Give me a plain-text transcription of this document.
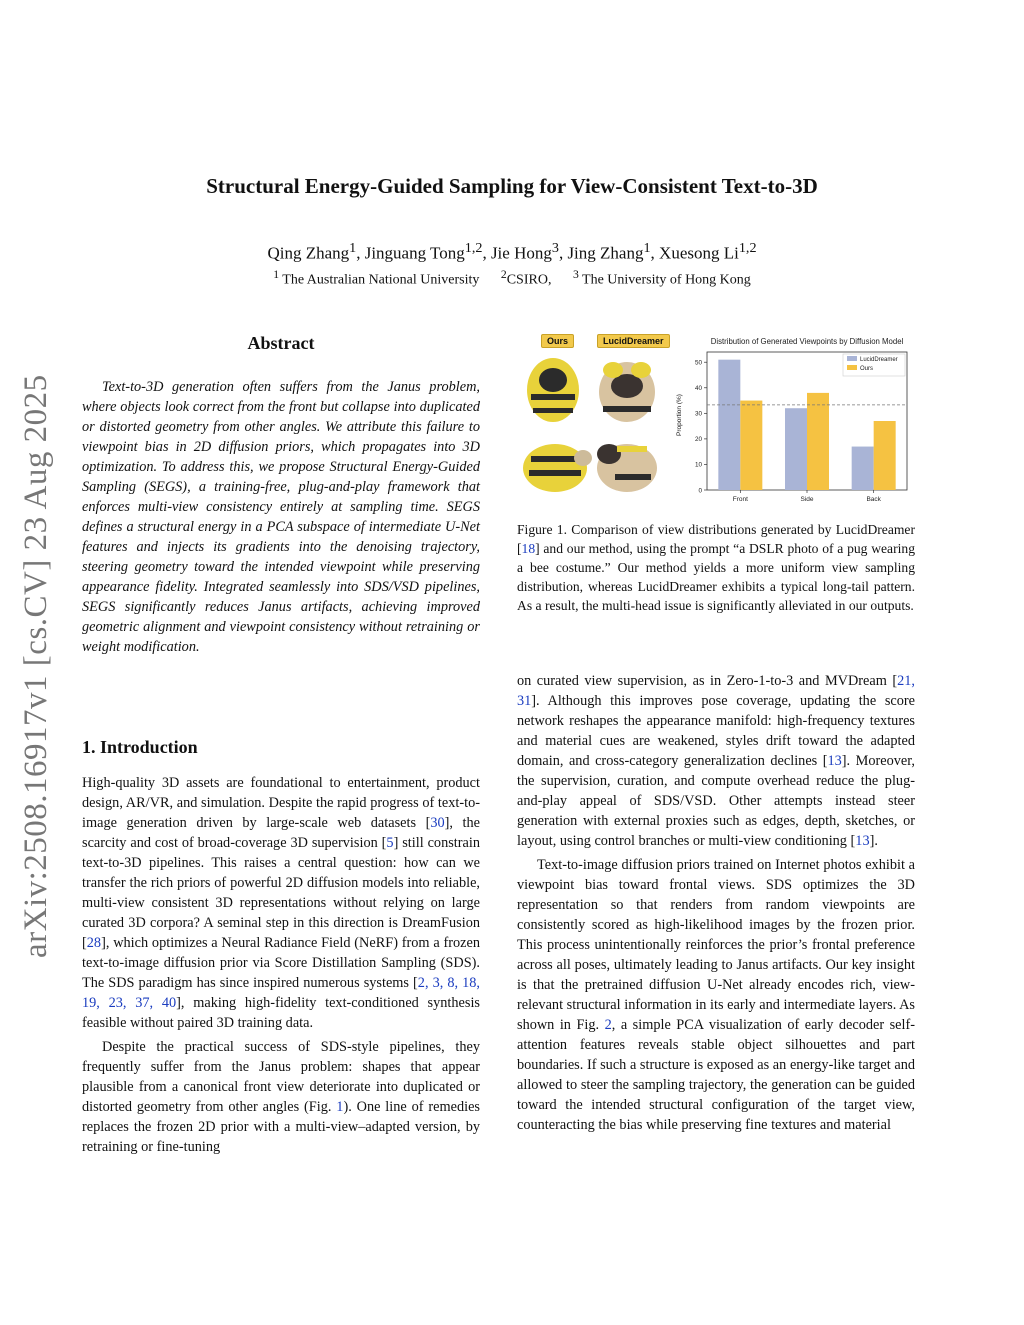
arXiv:2508.16917v1 [cs.CV] 23 Aug 2025
Structural Energy-Guided Sampling for View-Consistent Text-to-3D
Qing Zhang$^1$, Jinguang Tong$^{1,2}$, Jie Hong$^3$, Jing Zhang$^1$, Xuesong Li$^{1,2}$
$^1$ The Australian National University $^2$CSIRO, $^3$ The University of Hong Kong
Abstract
Text-to-3D generation often suffers from the Janus problem, where objects look correct from the front but collapse into duplicated or distorted geometry from other angles. We attribute this failure to viewpoint bias in 2D diffusion priors, which propagates into 3D optimization. To address this, we propose Structural Energy-Guided Sampling (SEGS), a training-free, plug-and-play framework that enforces multi-view consistency entirely at sampling time. SEGS defines a structural energy in a PCA subspace of intermediate U-Net features and injects its gradients into the denoising trajectory, steering geometry toward the intended viewpoint while preserving appearance fidelity. Integrated seamlessly into SDS/VSD pipelines, SEGS significantly reduces Janus artifacts, achieving improved geometric alignment and viewpoint consistency without retraining or weight modification.
1. Introduction

High-quality 3D assets are foundational to entertainment, product design, AR/VR, and simulation. Despite the rapid progress of text-to-image generation driven by large-scale web datasets [30], the scarcity and cost of broad-coverage 3D supervision [5] still constrain text-to-3D pipelines. This raises a central question: how can we transfer the rich priors of powerful 2D diffusion models into reliable, multi-view consistent 3D representations without relying on large curated 3D corpora? A seminal step in this direction is DreamFusion [28], which optimizes a Neural Radiance Field (NeRF) from a frozen text-to-image diffusion prior via Score Distillation Sampling (SDS). The SDS paradigm has since inspired numerous systems [2, 3, 8, 18, 19, 23, 37, 40], making high-fidelity text-conditioned synthesis feasible without paired 3D training data.

Despite the practical success of SDS-style pipelines, they frequently suffer from the Janus problem: shapes that appear plausible from a canonical front view deteriorate into duplicated or distorted geometry from other angles (Fig. 1). One line of remedies replaces the frozen 2D prior with a multi-view–adapted version, by retraining or fine-tuning

Ours	LucidDreamer	Distribution of Generated Viewpoints by Diffusion Model
Proportion (%)
0
10
20
30
40
50
Front	Side	Back
LucidDreamer
Ours
Figure 1. Comparison of view distributions generated by LucidDreamer [18] and our method, using the prompt “a DSLR photo of a pug wearing a bee costume.” Our method yields a more uniform view sampling distribution, whereas LucidDreamer exhibits a typical long-tail pattern. As a result, the multi-head issue is significantly alleviated in our outputs.

on curated view supervision, as in Zero-1-to-3 and MVDream [21, 31]. Although this improves pose coverage, updating the score network reshapes the appearance manifold: high-frequency textures and material cues are weakened, styles drift toward the adapted domain, and cross-category generalization declines [13]. Moreover, the supervision, curation, and compute overhead reduce the plug-and-play appeal of SDS/VSD. Other attempts instead steer generation with external proxies such as edges, depth, sketches, or layout, using control branches or multi-view conditioning [13].

Text-to-image diffusion priors trained on Internet photos exhibit a viewpoint bias toward frontal views. SDS optimizes the 3D representation so that renders from random viewpoints are consistently scored as high-likelihood images by the frozen prior. This process unintentionally reinforces the prior’s frontal preference across all poses, ultimately leading to Janus artifacts. Our key insight is that the pretrained diffusion U-Net already encodes rich, view-relevant structural information in its early and intermediate layers. As shown in Fig. 2, a simple PCA visualization of early decoder self-attention features reveals stable object silhouettes and part boundaries. If such a structure is exposed as an energy-like target and allowed to steer the sampling trajectory, the generation can be guided toward the intended structural configuration of the target view, counteracting the bias while preserving fine textures and material
